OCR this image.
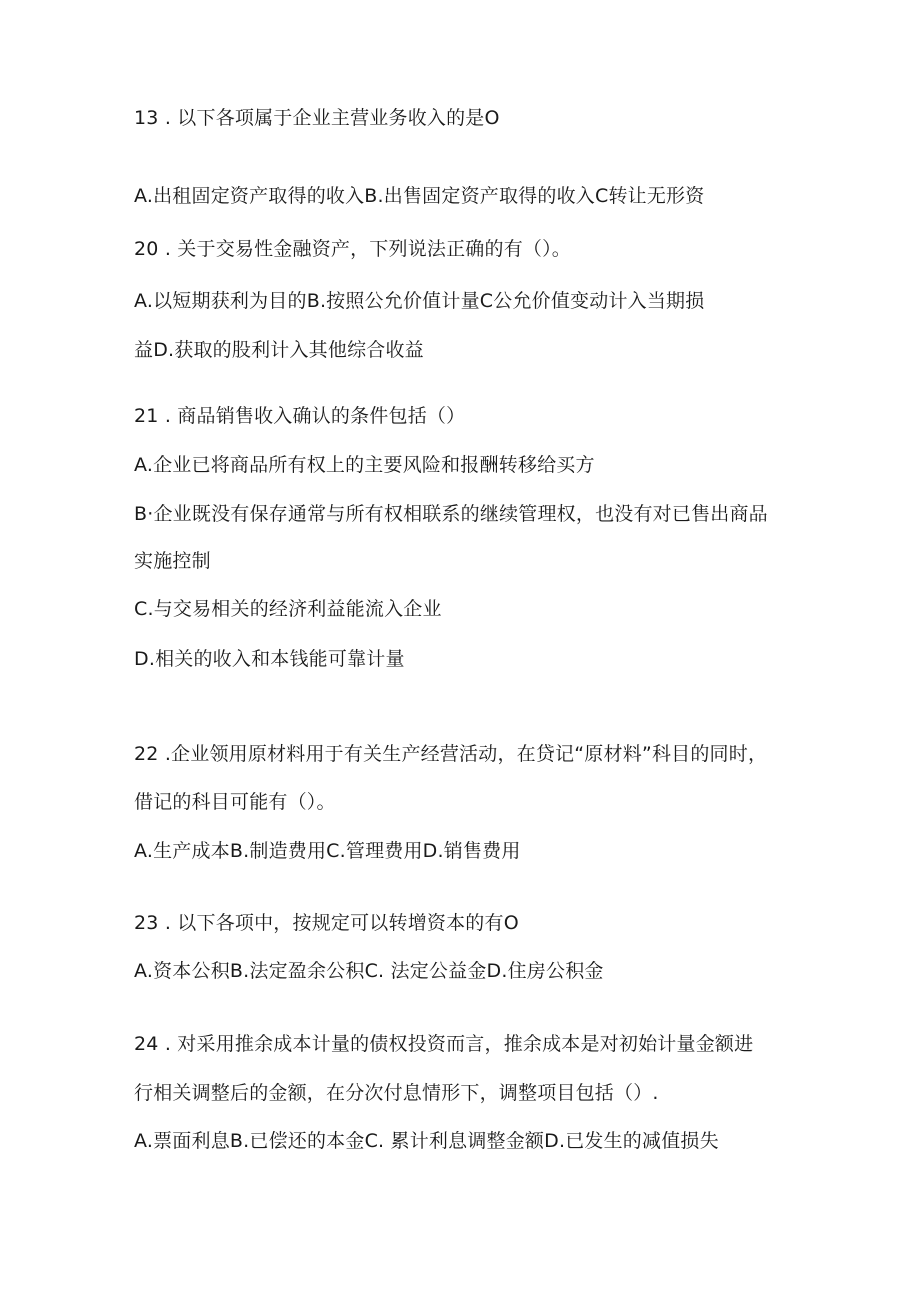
13 . 以下各项属于企业主营业务收入的是O
A.出租固定资产取得的收入B.出售固定资产取得的收入C转让无形资
20 . 关于交易性金融资产，下列说法正确的有（）。
A.以短期获利为目的B.按照公允价值计量C公允价值变动计入当期损
益D.获取的股利计入其他综合收益
21 . 商品销售收入确认的条件包括（）
A.企业已将商品所有权上的主要风险和报酬转移给买方
B·企业既没有保存通常与所有权相联系的继续管理权，也没有对已售出商品
实施控制
C.与交易相关的经济利益能流入企业
D.相关的收入和本钱能可靠计量
22 .企业领用原材料用于有关生产经营活动，在贷记“原材料”科目的同时，
借记的科目可能有（）。
A.生产成本B.制造费用C.管理费用D.销售费用
23 . 以下各项中，按规定可以转增资本的有O
A.资本公积B.法定盈余公积C. 法定公益金D.住房公积金
24 . 对采用推余成本计量的债权投资而言，推余成本是对初始计量金额进
行相关调整后的金额，在分次付息情形下，调整项目包括（）.
A.票面利息B.已偿还的本金C. 累计利息调整金额D.已发生的减值损失
